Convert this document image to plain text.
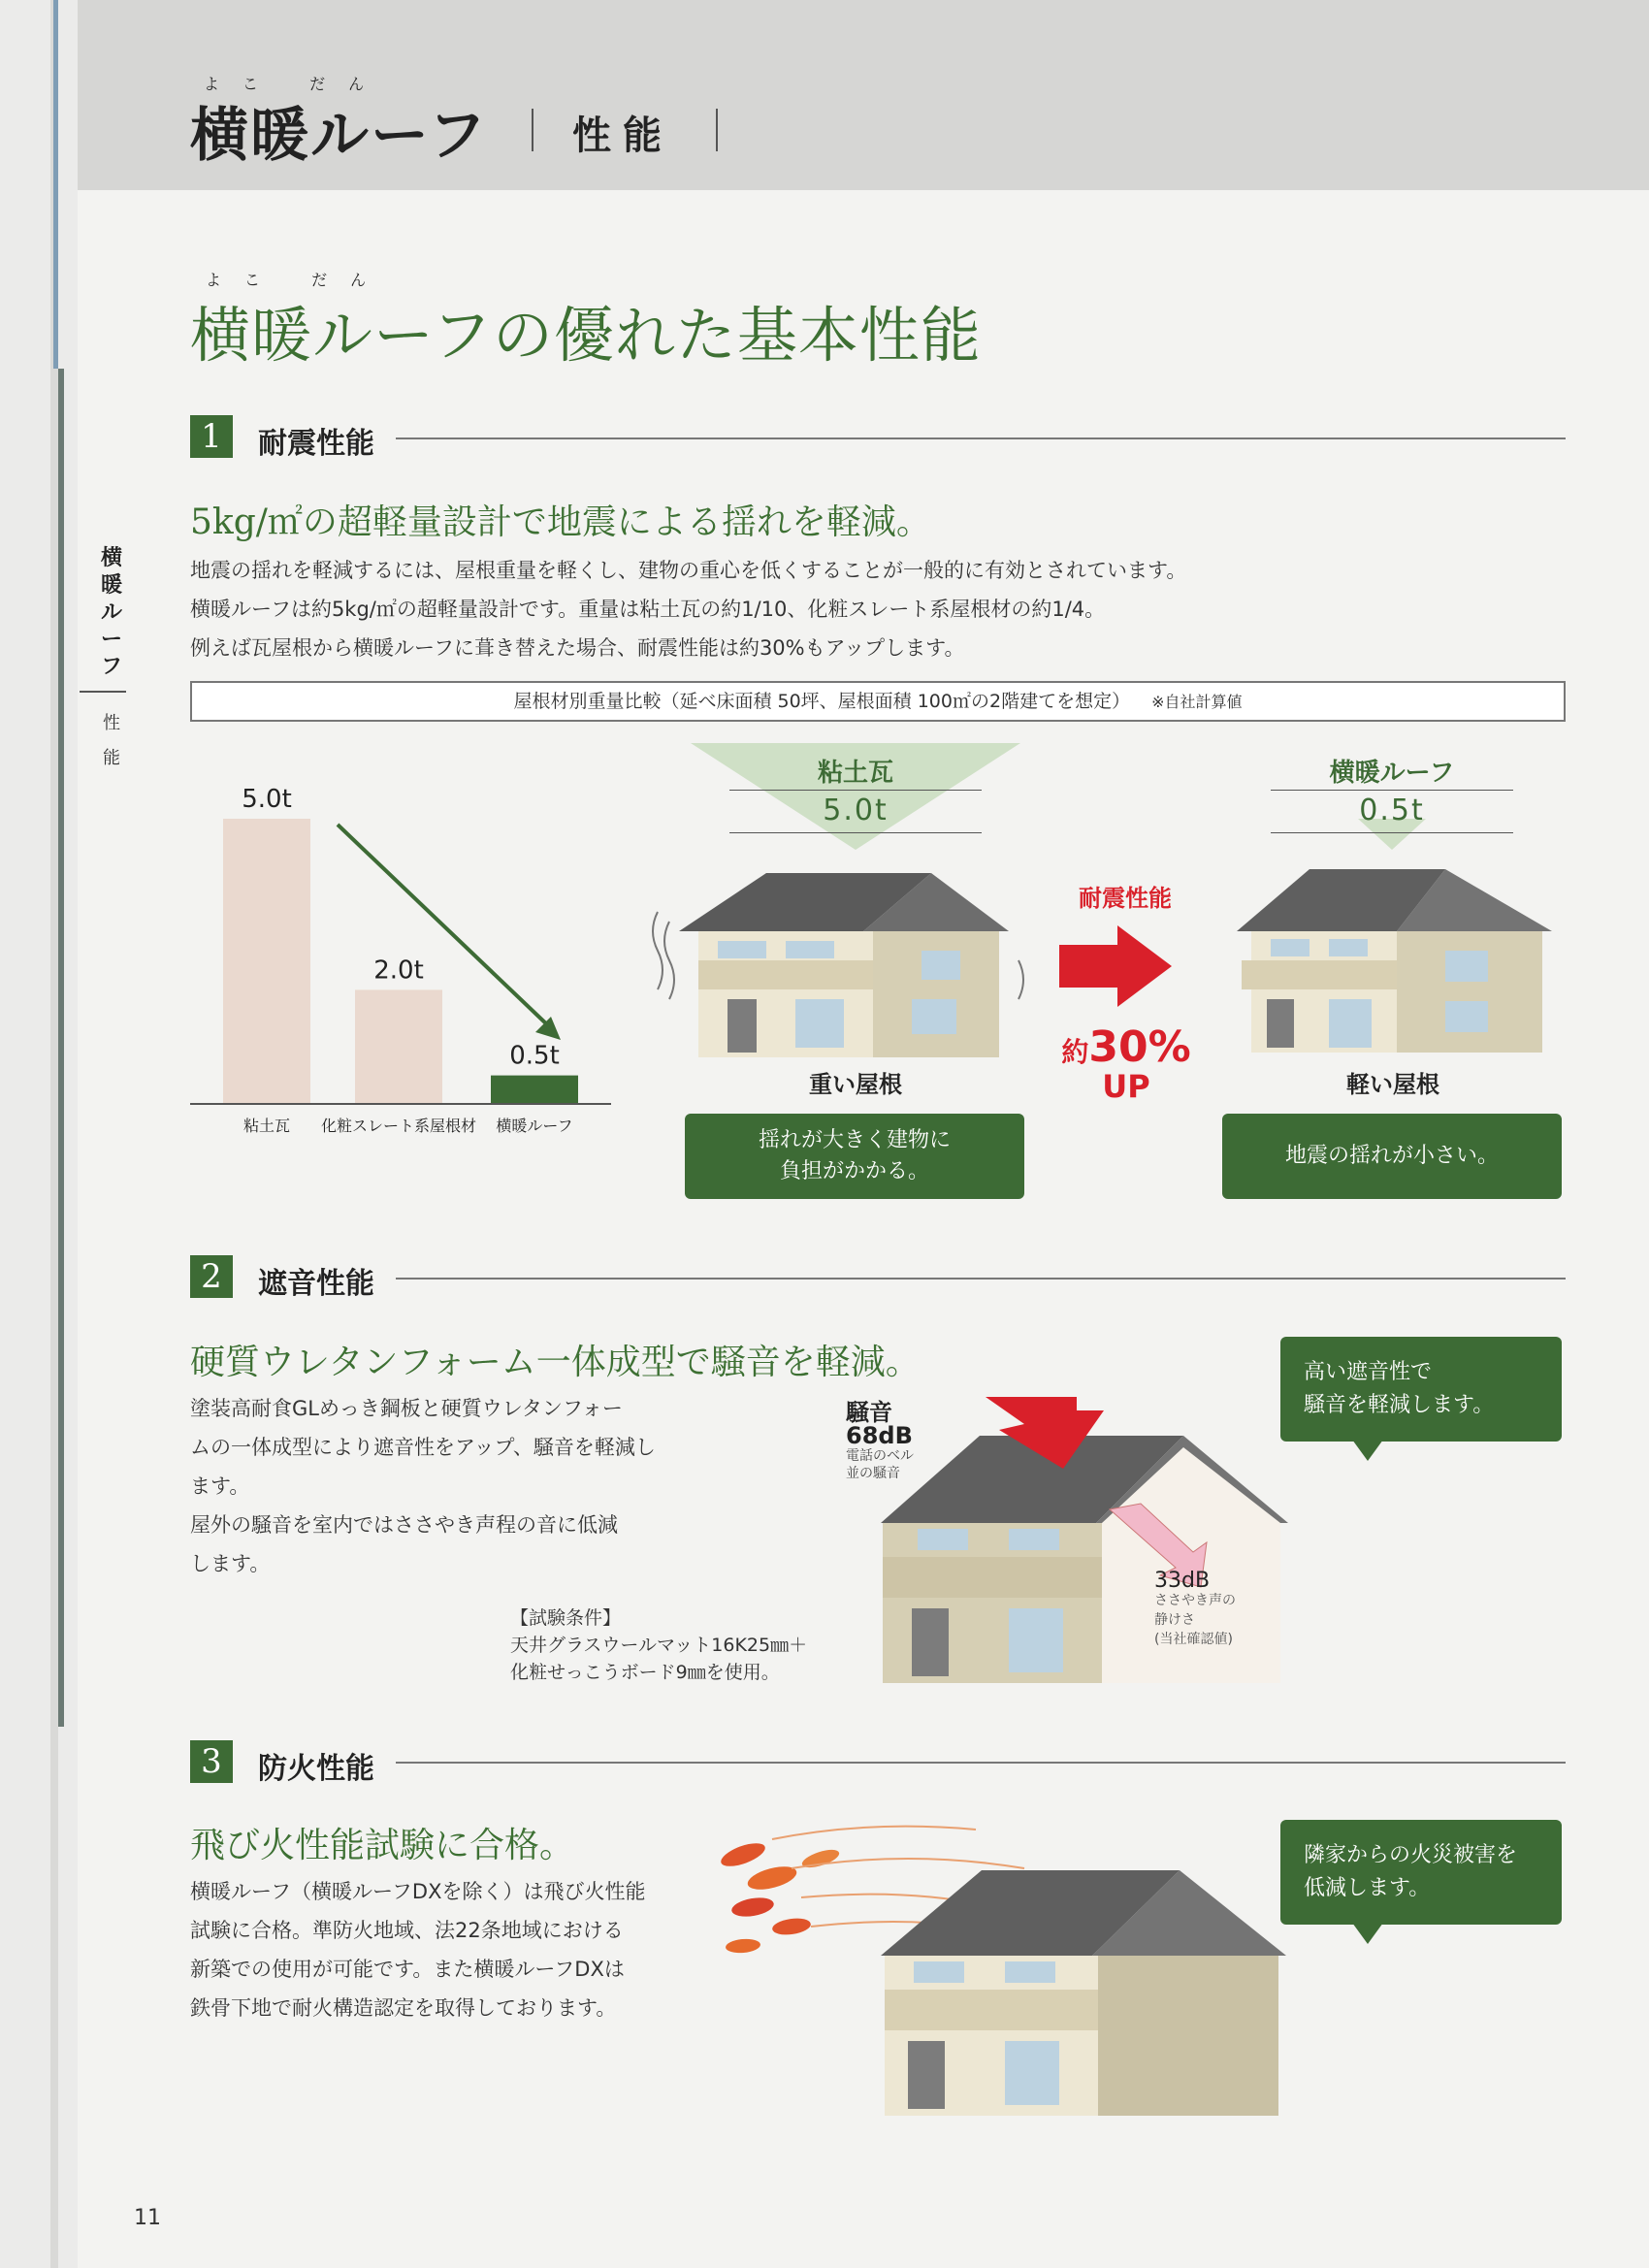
よこ だん
横暖ルーフ 性能
横暖ルーフ
性能
よこ だん
横暖ルーフの優れた基本性能
1	耐震性能
5kg/㎡の超軽量設計で地震による揺れを軽減。
地震の揺れを軽減するには、屋根重量を軽くし、建物の重心を低くすることが一般的に有効とされています。
横暖ルーフは約5kg/㎡の超軽量設計です。重量は粘土瓦の約1/10、化粧スレート系屋根材の約1/4。
例えば瓦屋根から横暖ルーフに葺き替えた場合、耐震性能は約30%もアップします。
屋根材別重量比較（延べ床面積 50坪、屋根面積 100㎡の2階建てを想定） ※自社計算値
5.0t
2.0t
0.5t
粘土瓦 化粧スレート系屋根材 横暖ルーフ
粘土瓦
5.0t
重い屋根
揺れが大きく建物に
負担がかかる。
耐震性能
約30%
UP
横暖ルーフ
0.5t
軽い屋根
地震の揺れが小さい。
2	遮音性能
硬質ウレタンフォーム一体成型で騒音を軽減。
塗装高耐食GLめっき鋼板と硬質ウレタンフォー
ムの一体成型により遮音性をアップ、騒音を軽減し
ます。
屋外の騒音を室内ではささやき声程の音に低減
します。
【試験条件】
天井グラスウールマット16K25㎜＋
化粧せっこうボード9㎜を使用。
騒音
68dB
電話のベル
並の騒音
33dB
ささやき声の
静けさ
(当社確認値)
高い遮音性で
騒音を軽減します。
3	防火性能
飛び火性能試験に合格。
横暖ルーフ（横暖ルーフDXを除く）は飛び火性能
試験に合格。準防火地域、法22条地域における
新築での使用が可能です。また横暖ルーフDXは
鉄骨下地で耐火構造認定を取得しております。
隣家からの火災被害を
低減します。
11
